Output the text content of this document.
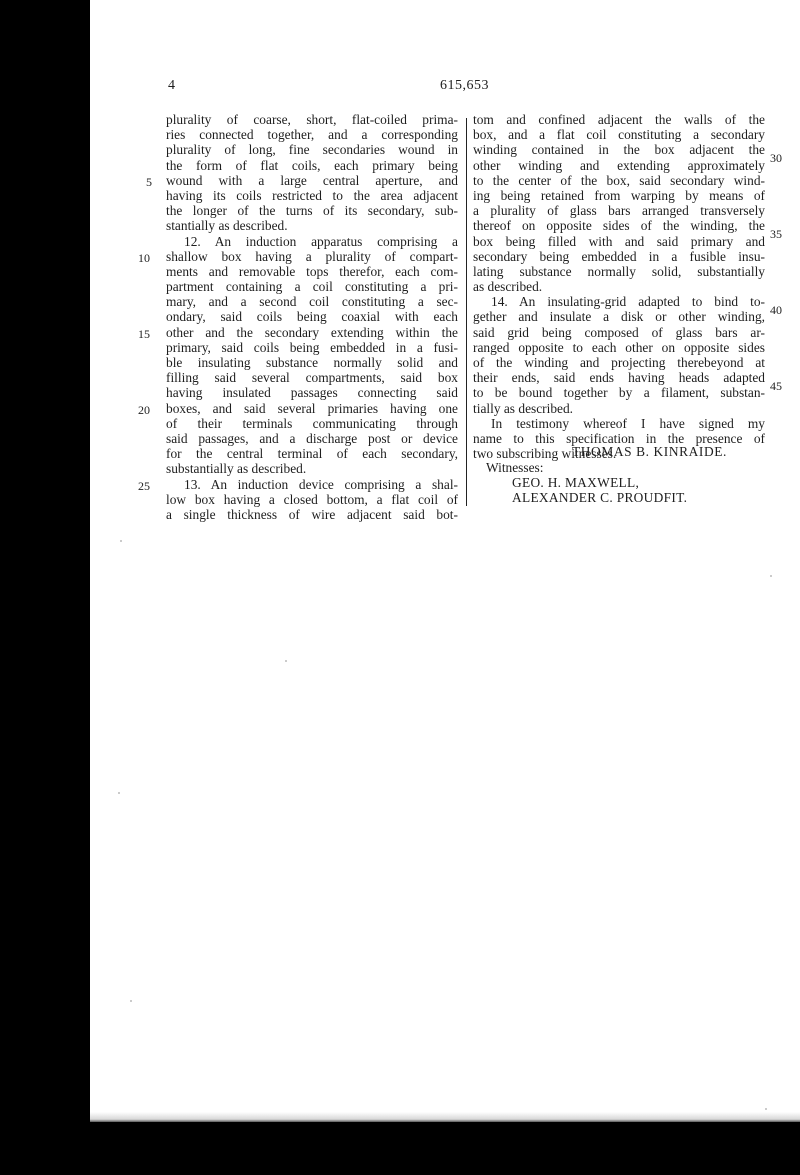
4	615,653
plurality of coarse, short, flat-coiled prima-
ries connected together, and a corresponding
plurality of long, fine secondaries wound in
the form of flat coils, each primary being
wound with a large central aperture, and
having its coils restricted to the area adjacent
the longer of the turns of its secondary, sub-
stantially as described.
12. An induction apparatus comprising a
shallow box having a plurality of compart-
ments and removable tops therefor, each com-
partment containing a coil constituting a pri-
mary, and a second coil constituting a sec-
ondary, said coils being coaxial with each
other and the secondary extending within the
primary, said coils being embedded in a fusi-
ble insulating substance normally solid and
filling said several compartments, said box
having insulated passages connecting said
boxes, and said several primaries having one
of their terminals communicating through
said passages, and a discharge post or device
for the central terminal of each secondary,
substantially as described.
13. An induction device comprising a shal-
low box having a closed bottom, a flat coil of
a single thickness of wire adjacent said bot-
tom and confined adjacent the walls of the
box, and a flat coil constituting a secondary
winding contained in the box adjacent the
other winding and extending approximately
to the center of the box, said secondary wind-
ing being retained from warping by means of
a plurality of glass bars arranged transversely
thereof on opposite sides of the winding, the
box being filled with and said primary and
secondary being embedded in a fusible insu-
lating substance normally solid, substantially
as described.
14. An insulating-grid adapted to bind to-
gether and insulate a disk or other winding,
said grid being composed of glass bars ar-
ranged opposite to each other on opposite sides
of the winding and projecting therebeyond at
their ends, said ends having heads adapted
to be bound together by a filament, substan-
tially as described.
In testimony whereof I have signed my
name to this specification in the presence of
two subscribing witnesses.
THOMAS B. KINRAIDE.
Witnesses:
GEO. H. MAXWELL,
ALEXANDER C. PROUDFIT.
5
10
15
20
25
30
35
40
45
